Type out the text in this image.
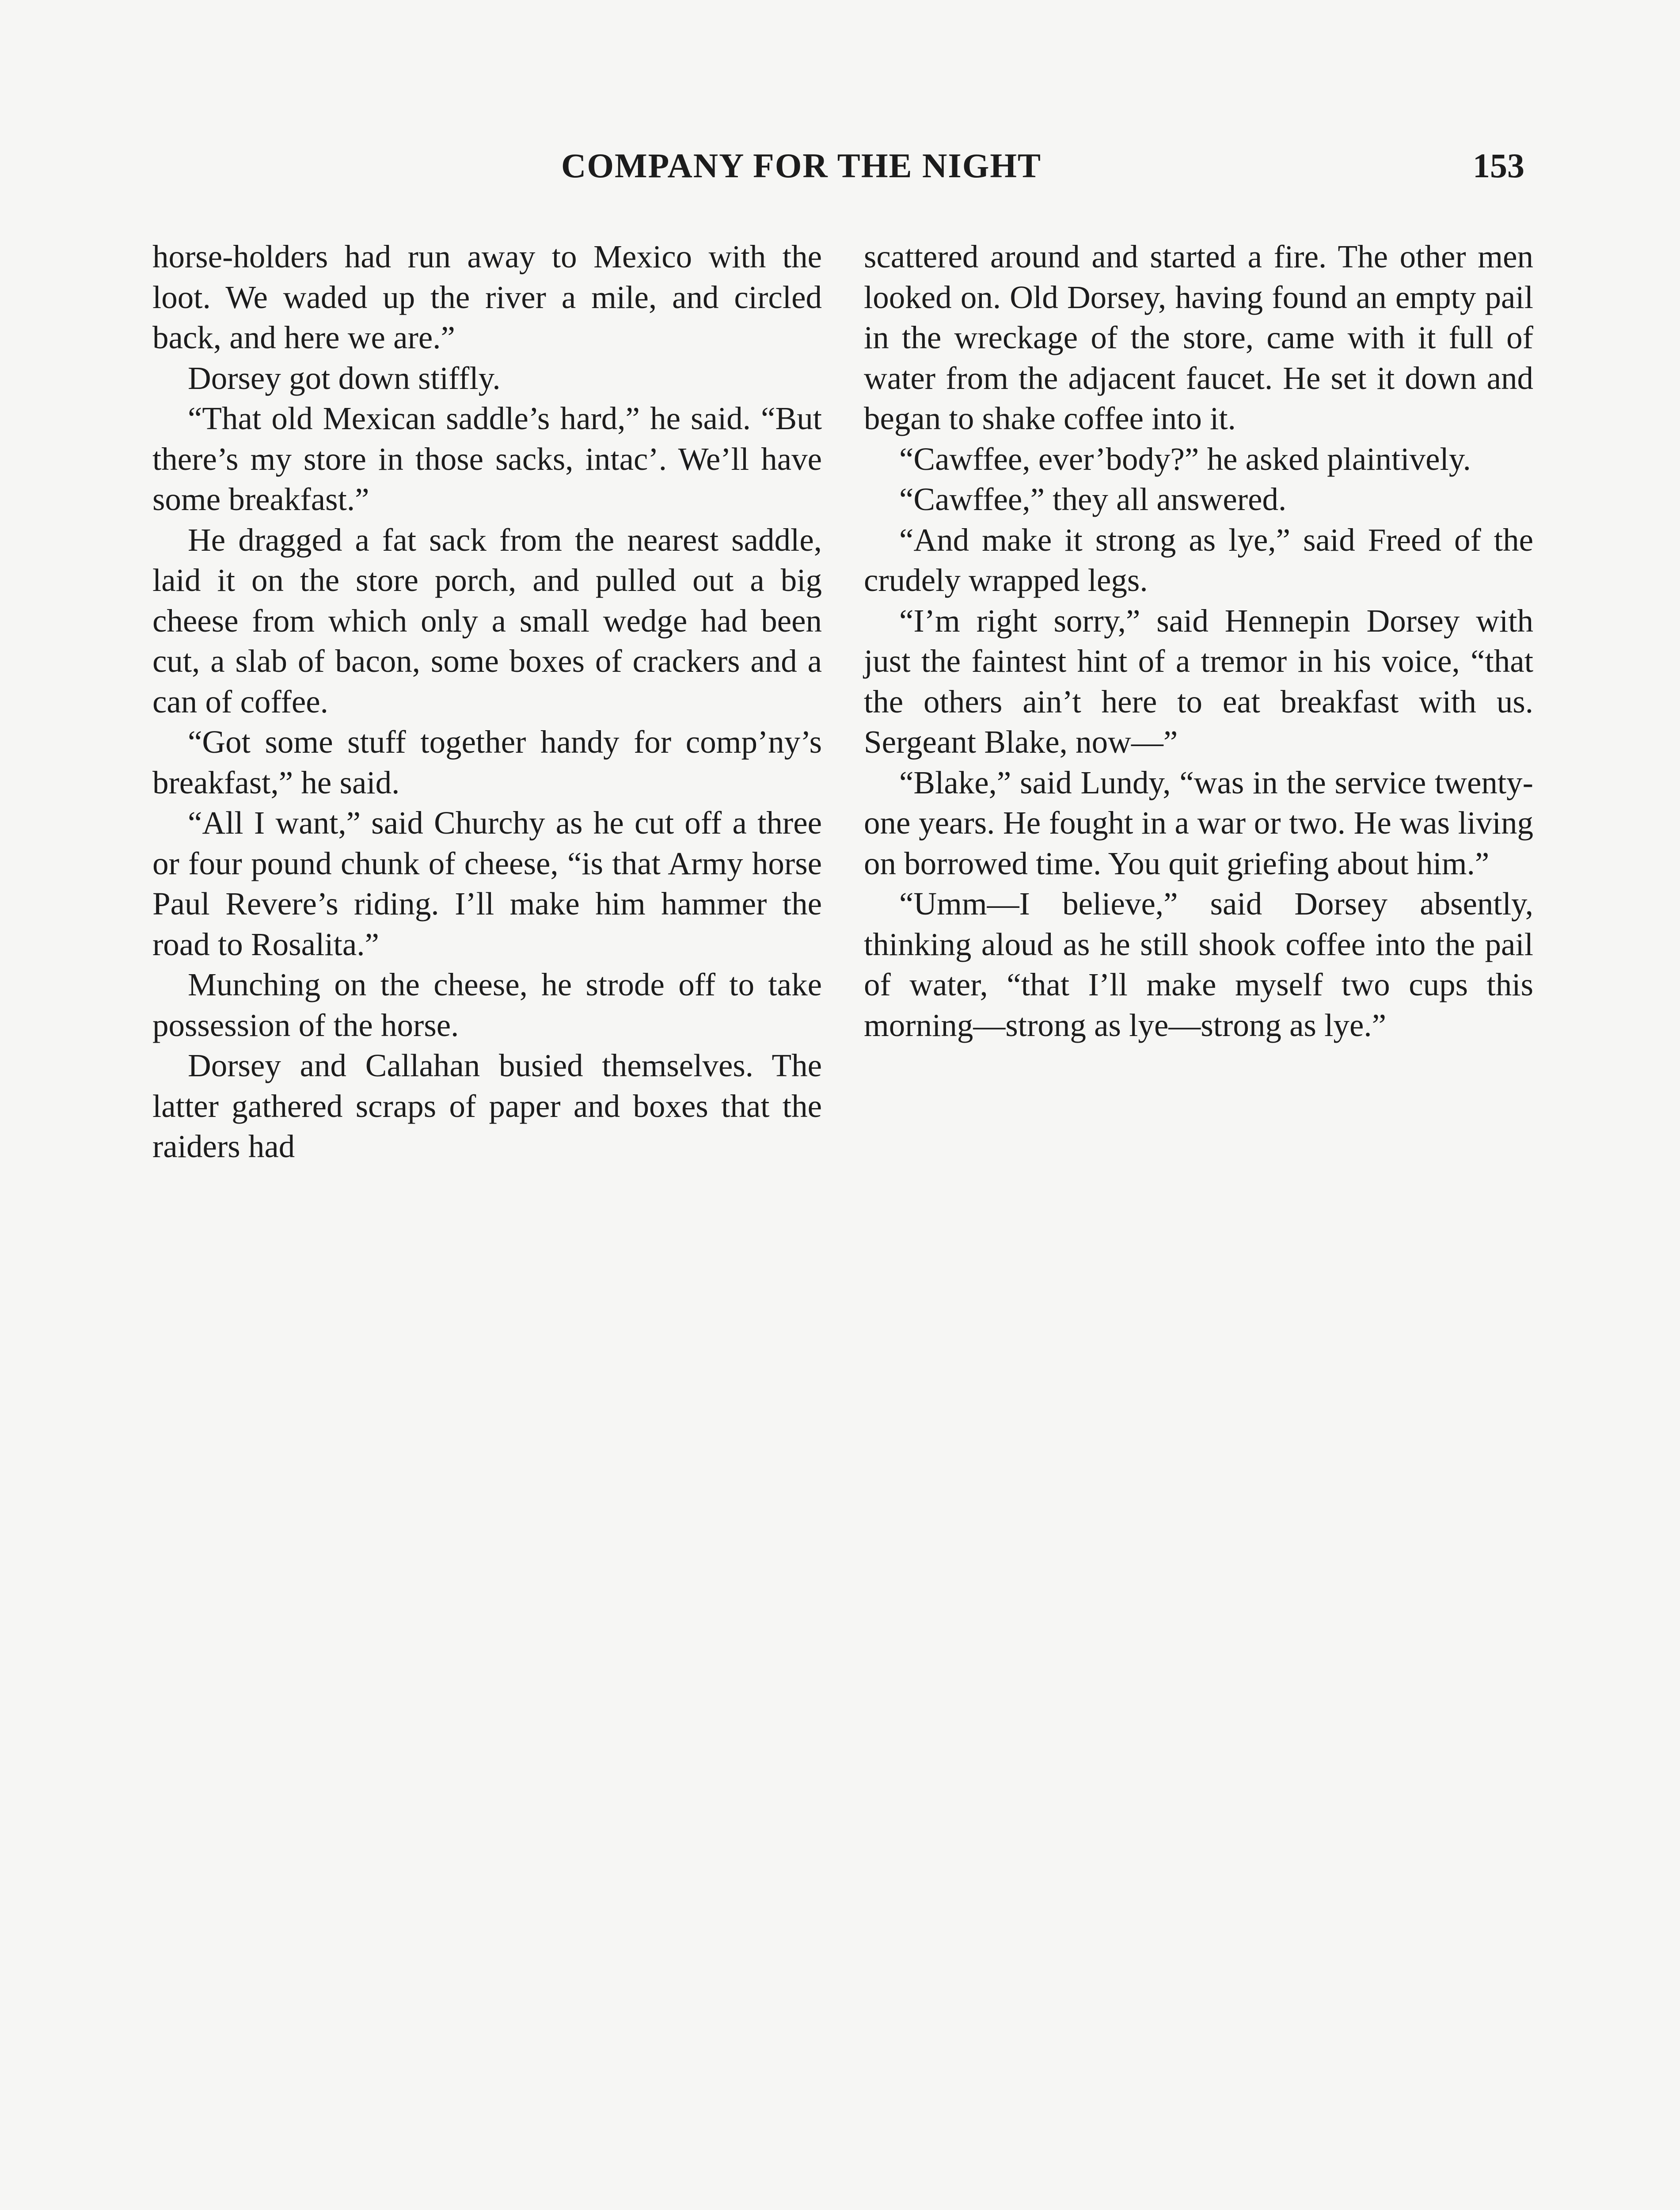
COMPANY FOR THE NIGHT	153

horse-holders had run away to Mexico with the loot. We waded up the river a mile, and circled back, and here we are.”

Dorsey got down stiffly.

“That old Mexican saddle’s hard,” he said. “But there’s my store in those sacks, intac’. We’ll have some breakfast.”

He dragged a fat sack from the nearest saddle, laid it on the store porch, and pulled out a big cheese from which only a small wedge had been cut, a slab of bacon, some boxes of crackers and a can of coffee.

“Got some stuff together handy for comp’ny’s breakfast,” he said.

“All I want,” said Churchy as he cut off a three or four pound chunk of cheese, “is that Army horse Paul Revere’s riding. I’ll make him hammer the road to Rosalita.”

Munching on the cheese, he strode off to take possession of the horse.

Dorsey and Callahan busied themselves. The latter gathered scraps of paper and boxes that the raiders had

scattered around and started a fire. The other men looked on. Old Dorsey, having found an empty pail in the wreckage of the store, came with it full of water from the adjacent faucet. He set it down and began to shake coffee into it.

“Cawffee, ever’body?” he asked plaintively.

“Cawffee,” they all answered.

“And make it strong as lye,” said Freed of the crudely wrapped legs.

“I’m right sorry,” said Hennepin Dorsey with just the faintest hint of a tremor in his voice, “that the others ain’t here to eat breakfast with us. Sergeant Blake, now—”

“Blake,” said Lundy, “was in the service twenty-one years. He fought in a war or two. He was living on borrowed time. You quit griefing about him.”

“Umm—I believe,” said Dorsey absently, thinking aloud as he still shook coffee into the pail of water, “that I’ll make myself two cups this morning—strong as lye—strong as lye.”
